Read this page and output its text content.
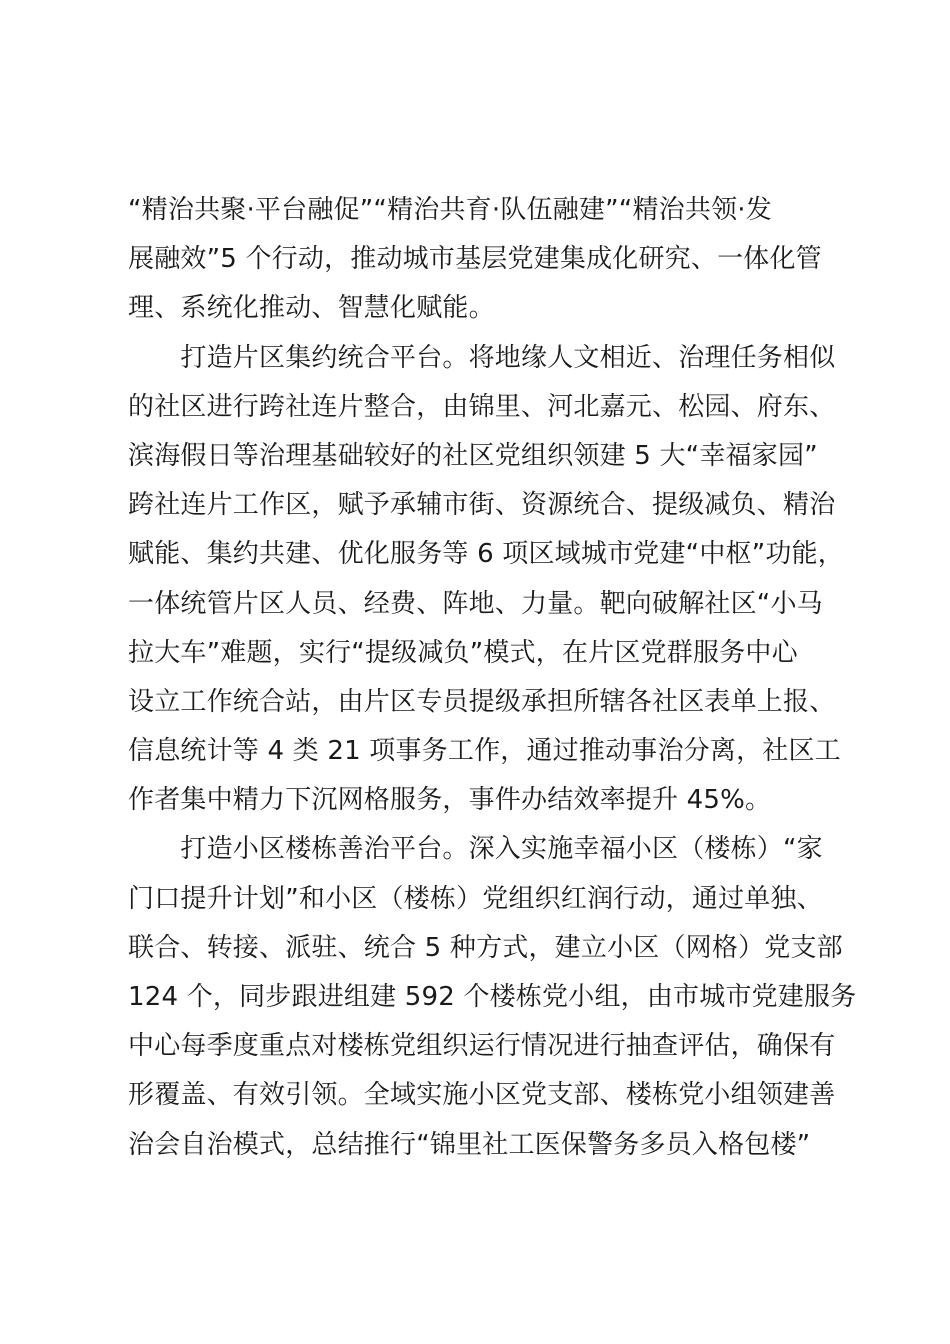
“精治共聚·平台融促”“精治共育·队伍融建”“精治共领·发
展融效”5 个行动，推动城市基层党建集成化研究、一体化管
理、系统化推动、智慧化赋能。
　　打造片区集约统合平台。将地缘人文相近、治理任务相似
的社区进行跨社连片整合，由锦里、河北嘉元、松园、府东、
滨海假日等治理基础较好的社区党组织领建 5 大“幸福家园”
跨社连片工作区，赋予承辅市街、资源统合、提级减负、精治
赋能、集约共建、优化服务等 6 项区域城市党建“中枢”功能，
一体统管片区人员、经费、阵地、力量。靶向破解社区“小马
拉大车”难题，实行“提级减负”模式，在片区党群服务中心
设立工作统合站，由片区专员提级承担所辖各社区表单上报、
信息统计等 4 类 21 项事务工作，通过推动事治分离，社区工
作者集中精力下沉网格服务，事件办结效率提升 45%。
　　打造小区楼栋善治平台。深入实施幸福小区（楼栋）“家
门口提升计划”和小区（楼栋）党组织红润行动，通过单独、
联合、转接、派驻、统合 5 种方式，建立小区（网格）党支部
124 个，同步跟进组建 592 个楼栋党小组，由市城市党建服务
中心每季度重点对楼栋党组织运行情况进行抽查评估，确保有
形覆盖、有效引领。全域实施小区党支部、楼栋党小组领建善
治会自治模式，总结推行“锦里社工医保警务多员入格包楼”
